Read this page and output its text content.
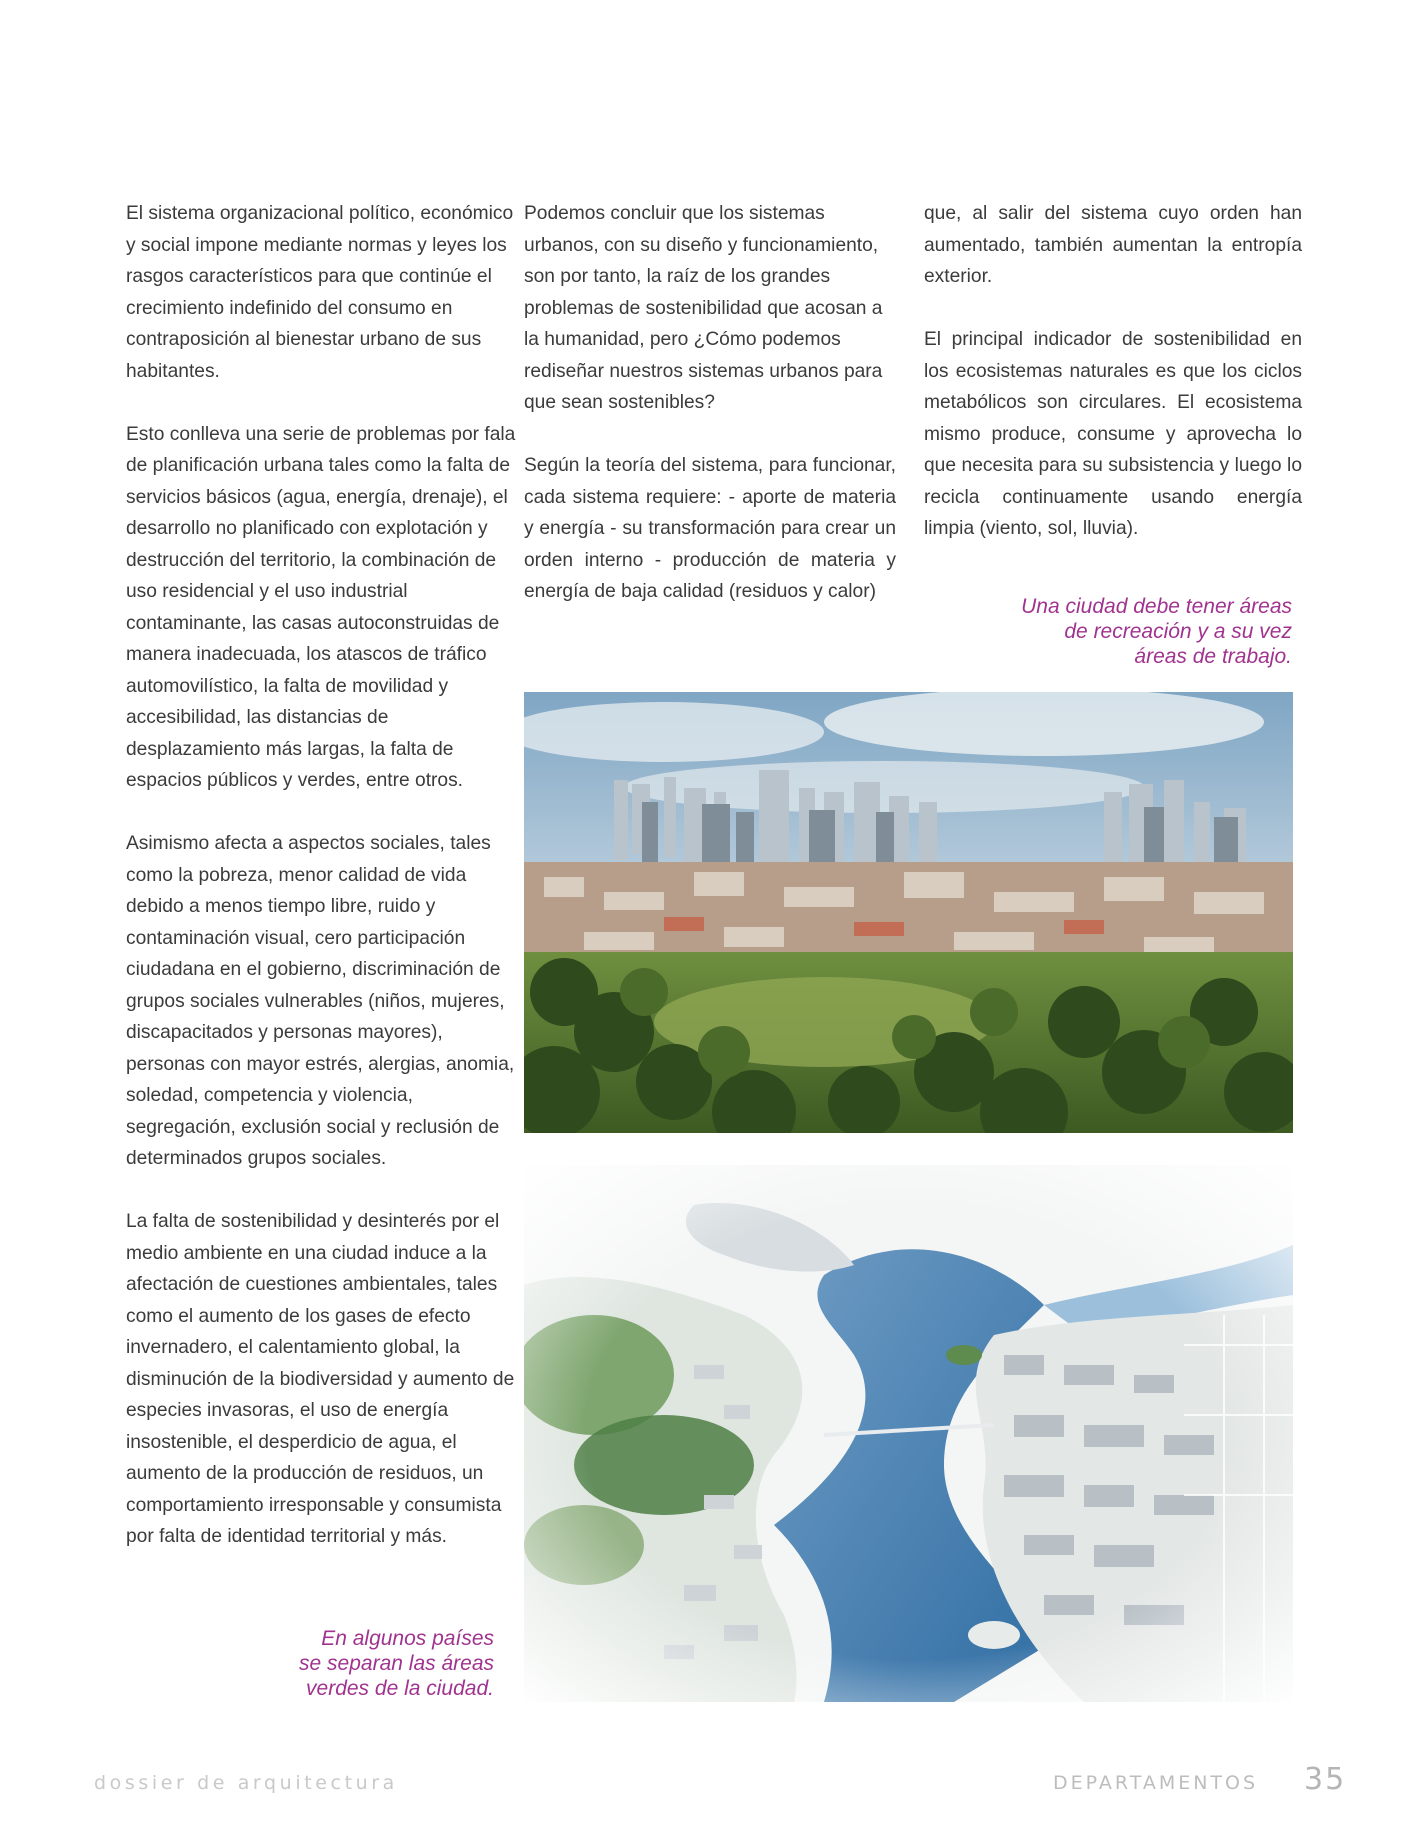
El sistema organizacional político, económico y social impone mediante normas y leyes los rasgos característicos para que continúe el crecimiento indefinido del consumo en contraposición al bienestar urbano de sus habitantes.

Esto conlleva una serie de problemas por fala de planificación urbana tales como la falta de servicios básicos (agua, energía, drenaje), el desarrollo no planificado con explotación y destrucción del territorio, la combinación de uso residencial y el uso industrial contaminante, las casas autoconstruidas de manera inadecuada, los atascos de tráfico automovilístico, la falta de movilidad y accesibilidad, las distancias de desplazamiento más largas, la falta de espacios públicos y verdes, entre otros.

Asimismo afecta a aspectos sociales, tales como la pobreza, menor calidad de vida debido a menos tiempo libre, ruido y contaminación visual, cero participación ciudadana en el gobierno, discriminación de grupos sociales vulnerables (niños, mujeres, discapacitados y personas mayores), personas con mayor estrés, alergias, anomia, soledad, competencia y violencia, segregación, exclusión social y reclusión de determinados grupos sociales.

La falta de sostenibilidad y desinterés por el medio ambiente en una ciudad induce a la afectación de cuestiones ambientales, tales como el aumento de los gases de efecto invernadero, el calentamiento global, la disminución de la biodiversidad y aumento de especies invasoras, el uso de energía insostenible, el desperdicio de agua, el aumento de la producción de residuos, un comportamiento irresponsable y consumista por falta de identidad territorial y más.

Podemos concluir que los sistemas urbanos, con su diseño y funcionamiento, son por tanto, la raíz de los grandes problemas de sostenibilidad que acosan a la humanidad, pero ¿Cómo podemos rediseñar nuestros sistemas urbanos para que sean sostenibles?

Según la teoría del sistema, para funcionar, cada sistema requiere: - aporte de materia y energía - su transformación para crear un orden interno - producción de materia y energía de baja calidad (residuos y calor)

que, al salir del sistema cuyo orden han aumentado, también aumentan la entropía exterior.

El principal indicador de sostenibilidad en los ecosistemas naturales es que los ciclos metabólicos son circulares. El ecosistema mismo produce, consume y aprovecha lo que necesita para su subsistencia y luego lo recicla continuamente usando energía limpia (viento, sol, lluvia).

Una ciudad debe tener áreas
de recreación y a su vez
áreas de trabajo.
En algunos países
se separan las áreas
verdes de la ciudad.
dossier de arquitectura	DEPARTAMENTOS 35
